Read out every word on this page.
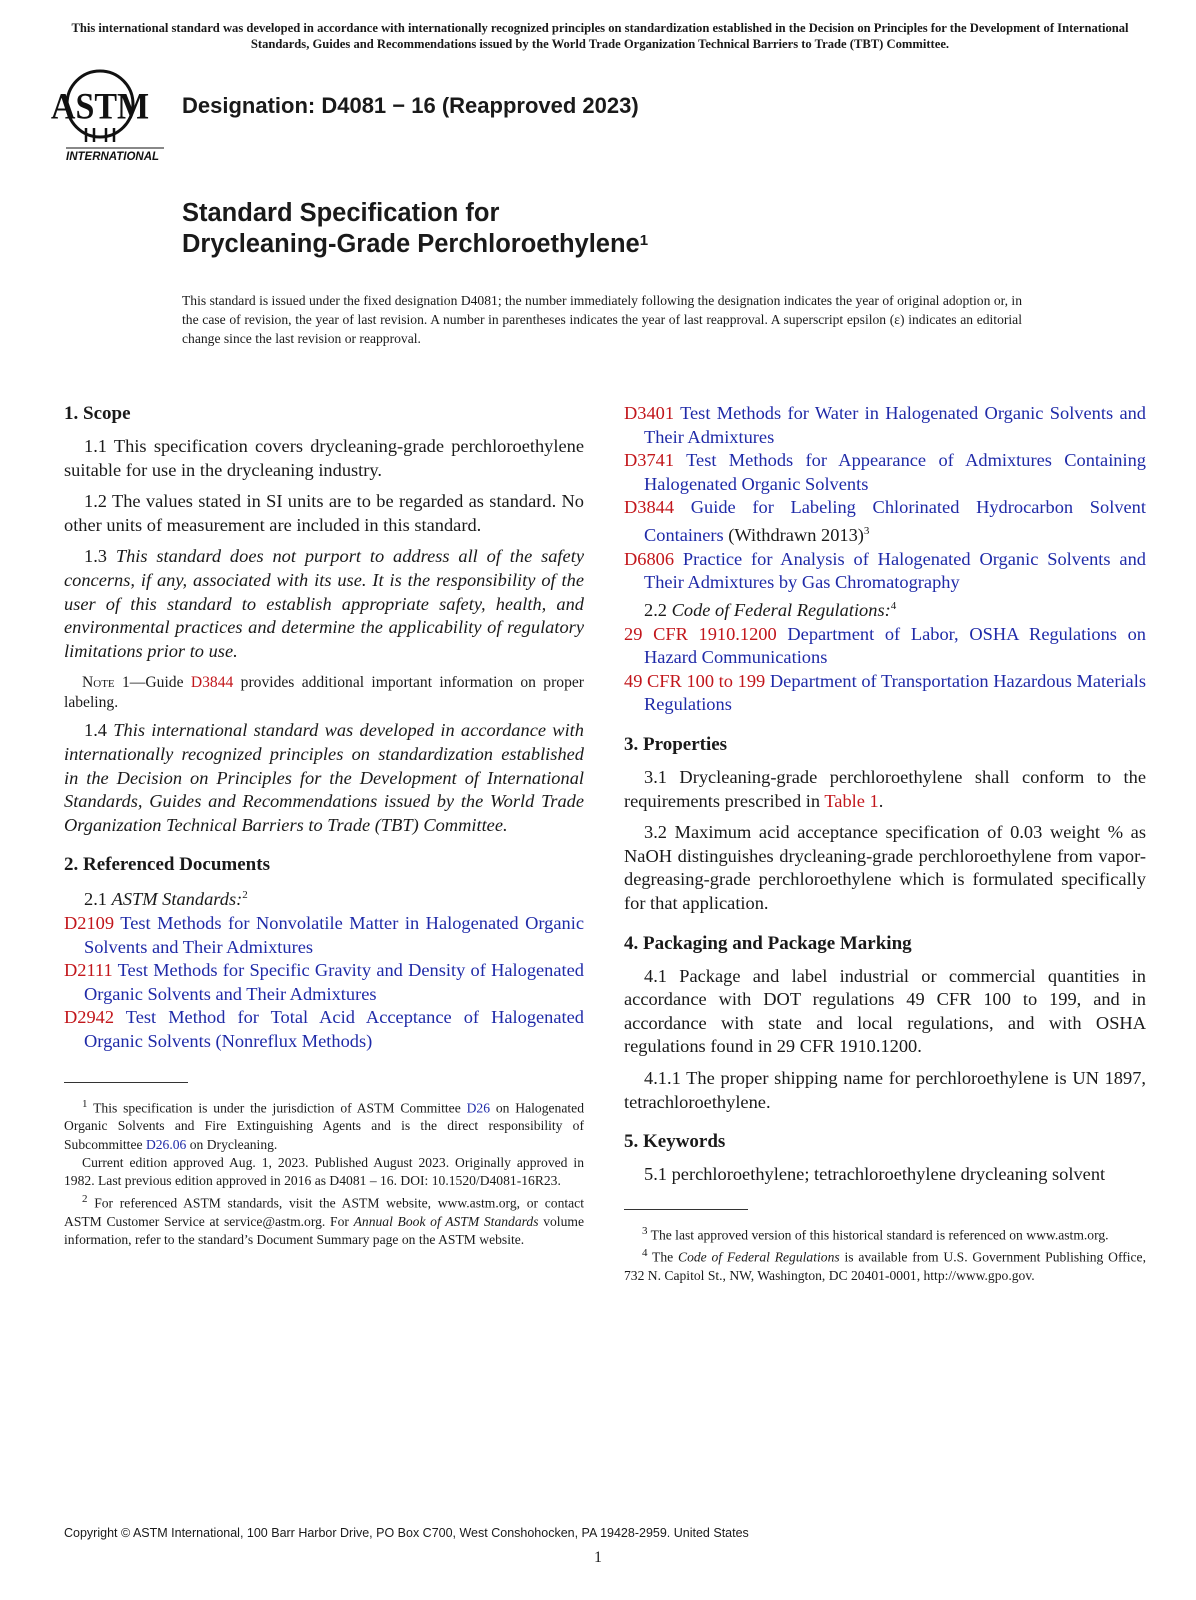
This international standard was developed in accordance with internationally recognized principles on standardization established in the Decision on Principles for the Development of International Standards, Guides and Recommendations issued by the World Trade Organization Technical Barriers to Trade (TBT) Committee.
ASTM
INTERNATIONAL
Designation: D4081 − 16 (Reapproved 2023)
Standard Specification for
Drycleaning-Grade Perchloroethylene$^1$
This standard is issued under the fixed designation D4081; the number immediately following the designation indicates the year of original adoption or, in the case of revision, the year of last revision. A number in parentheses indicates the year of last reapproval. A superscript epsilon (ε) indicates an editorial change since the last revision or reapproval.
1. Scope

1.1 This specification covers drycleaning-grade perchloroethylene suitable for use in the drycleaning industry.

1.2 The values stated in SI units are to be regarded as standard. No other units of measurement are included in this standard.

1.3 This standard does not purport to address all of the safety concerns, if any, associated with its use. It is the responsibility of the user of this standard to establish appropriate safety, health, and environmental practices and determine the applicability of regulatory limitations prior to use.

Note 1—Guide D3844 provides additional important information on proper labeling.

1.4 This international standard was developed in accordance with internationally recognized principles on standardization established in the Decision on Principles for the Development of International Standards, Guides and Recommendations issued by the World Trade Organization Technical Barriers to Trade (TBT) Committee.

2. Referenced Documents

2.1 ASTM Standards:$^2$

D2109 Test Methods for Nonvolatile Matter in Halogenated Organic Solvents and Their Admixtures

D2111 Test Methods for Specific Gravity and Density of Halogenated Organic Solvents and Their Admixtures

D2942 Test Method for Total Acid Acceptance of Halogenated Organic Solvents (Nonreflux Methods)

$^1$ This specification is under the jurisdiction of ASTM Committee D26 on Halogenated Organic Solvents and Fire Extinguishing Agents and is the direct responsibility of Subcommittee D26.06 on Drycleaning.

Current edition approved Aug. 1, 2023. Published August 2023. Originally approved in 1982. Last previous edition approved in 2016 as D4081 – 16. DOI: 10.1520/D4081-16R23.

$^2$ For referenced ASTM standards, visit the ASTM website, www.astm.org, or contact ASTM Customer Service at service@astm.org. For Annual Book of ASTM Standards volume information, refer to the standard’s Document Summary page on the ASTM website.

D3401 Test Methods for Water in Halogenated Organic Solvents and Their Admixtures

D3741 Test Methods for Appearance of Admixtures Containing Halogenated Organic Solvents

D3844 Guide for Labeling Chlorinated Hydrocarbon Solvent Containers (Withdrawn 2013)$^3$

D6806 Practice for Analysis of Halogenated Organic Solvents and Their Admixtures by Gas Chromatography

2.2 Code of Federal Regulations:$^4$

29 CFR 1910.1200 Department of Labor, OSHA Regulations on Hazard Communications

49 CFR 100 to 199 Department of Transportation Hazardous Materials Regulations

3. Properties

3.1 Drycleaning-grade perchloroethylene shall conform to the requirements prescribed in Table 1.

3.2 Maximum acid acceptance specification of 0.03 weight % as NaOH distinguishes drycleaning-grade perchloroethylene from vapor-degreasing-grade perchloroethylene which is formulated specifically for that application.

4. Packaging and Package Marking

4.1 Package and label industrial or commercial quantities in accordance with DOT regulations 49 CFR 100 to 199, and in accordance with state and local regulations, and with OSHA regulations found in 29 CFR 1910.1200.

4.1.1 The proper shipping name for perchloroethylene is UN 1897, tetrachloroethylene.

5. Keywords

5.1 perchloroethylene; tetrachloroethylene drycleaning solvent

$^3$ The last approved version of this historical standard is referenced on www.astm.org.

$^4$ The Code of Federal Regulations is available from U.S. Government Publishing Office, 732 N. Capitol St., NW, Washington, DC 20401-0001, http://www.gpo.gov.

Copyright © ASTM International, 100 Barr Harbor Drive, PO Box C700, West Conshohocken, PA 19428-2959. United States
1
